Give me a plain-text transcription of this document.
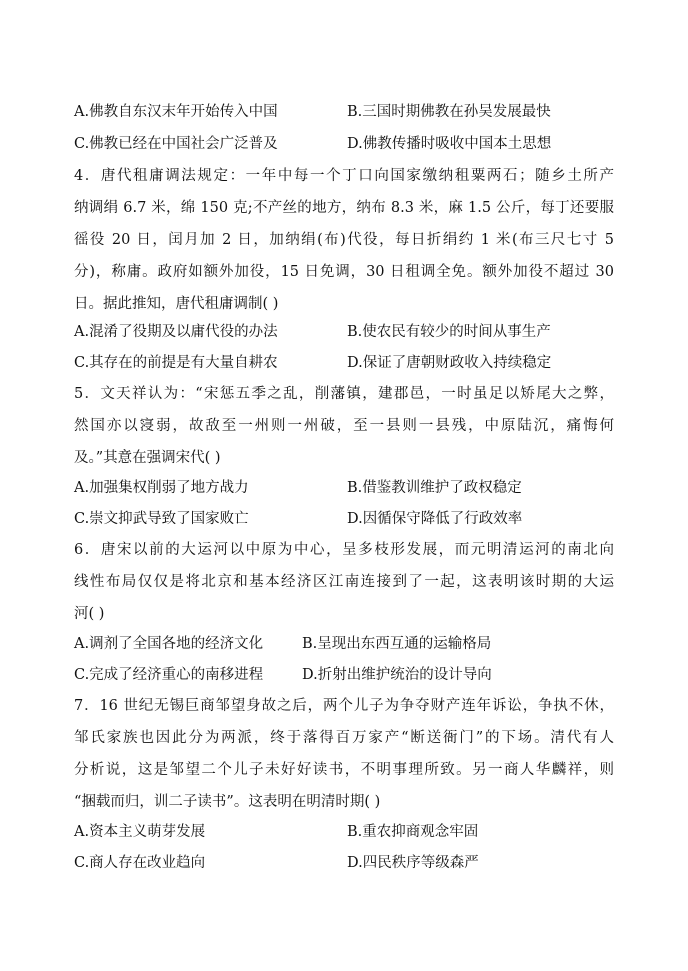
A.佛教自东汉末年开始传入中国	B.三国时期佛教在孙吴发展最快
C.佛教已经在中国社会广泛普及	D.佛教传播时吸收中国本土思想
4．唐代租庸调法规定：一年中每一个丁口向国家缴纳租粟两石；随乡土所产
纳调绢 6.7 米，绵 150 克;不产丝的地方，纳布 8.3 米，麻 1.5 公斤，每丁还要服
徭役 20 日，闰月加 2 日，加纳绢(布)代役，每日折绢约 1 米(布三尺七寸 5
分)，称庸。政府如额外加役，15 日免调，30 日租调全免。额外加役不超过 30
日。据此推知，唐代租庸调制( )
A.混淆了役期及以庸代役的办法	B.使农民有较少的时间从事生产
C.其存在的前提是有大量自耕农	D.保证了唐朝财政收入持续稳定
5．文天祥认为：“宋惩五季之乱，削藩镇，建郡邑，一时虽足以矫尾大之弊，
然国亦以寖弱，故敌至一州则一州破，至一县则一县残，中原陆沉，痛悔何
及。”其意在强调宋代( )
A.加强集权削弱了地方战力	B.借鉴教训维护了政权稳定
C.崇文抑武导致了国家败亡	D.因循保守降低了行政效率
6．唐宋以前的大运河以中原为中心，呈多枝形发展，而元明清运河的南北向
线性布局仅仅是将北京和基本经济区江南连接到了一起，这表明该时期的大运
河( )
A.调剂了全国各地的经济文化	B.呈现出东西互通的运输格局
C.完成了经济重心的南移进程	D.折射出维护统治的设计导向
7．16 世纪无锡巨商邹望身故之后，两个儿子为争夺财产连年诉讼，争执不休，
邹氏家族也因此分为两派，终于落得百万家产“断送衙门”的下场。清代有人
分析说，这是邹望二个儿子未好好读书，不明事理所致。另一商人华麟祥，则
“捆载而归，训二子读书”。这表明在明清时期( )
A.资本主义萌芽发展	B.重农抑商观念牢固
C.商人存在改业趋向	D.四民秩序等级森严
